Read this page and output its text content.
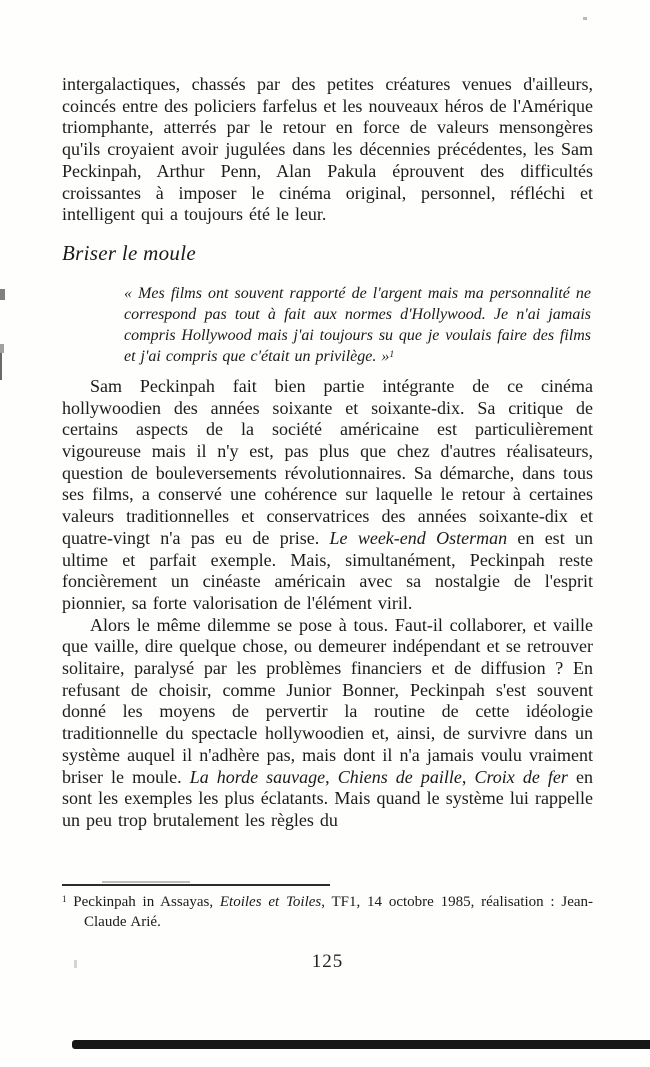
intergalactiques, chassés par des petites créatures venues d'ailleurs, coincés entre des policiers farfelus et les nouveaux héros de l'Amérique triomphante, atterrés par le retour en force de valeurs mensongères qu'ils croyaient avoir jugulées dans les décennies précédentes, les Sam Peckinpah, Arthur Penn, Alan Pakula éprouvent des difficultés croissantes à imposer le cinéma original, personnel, réfléchi et intelligent qui a toujours été le leur.

Briser le moule

« Mes films ont souvent rapporté de l'argent mais ma personnalité ne correspond pas tout à fait aux normes d'Hollywood. Je n'ai jamais compris Hollywood mais j'ai toujours su que je voulais faire des films et j'ai compris que c'était un privilège. »$^1$

Sam Peckinpah fait bien partie intégrante de ce cinéma hollywoodien des années soixante et soixante-dix. Sa critique de certains aspects de la société américaine est particulièrement vigoureuse mais il n'y est, pas plus que chez d'autres réalisateurs, question de bouleversements révolutionnaires. Sa démarche, dans tous ses films, a conservé une cohérence sur laquelle le retour à certaines valeurs traditionnelles et conservatrices des années soixante-dix et quatre-vingt n'a pas eu de prise. Le week-end Osterman en est un ultime et parfait exemple. Mais, simultanément, Peckinpah reste foncièrement un cinéaste américain avec sa nostalgie de l'esprit pionnier, sa forte valorisation de l'élément viril.

Alors le même dilemme se pose à tous. Faut-il collaborer, et vaille que vaille, dire quelque chose, ou demeurer indépendant et se retrouver solitaire, paralysé par les problèmes financiers et de diffusion ? En refusant de choisir, comme Junior Bonner, Peckinpah s'est souvent donné les moyens de pervertir la routine de cette idéologie traditionnelle du spectacle hollywoodien et, ainsi, de survivre dans un système auquel il n'adhère pas, mais dont il n'a jamais voulu vraiment briser le moule. La horde sauvage, Chiens de paille, Croix de fer en sont les exemples les plus éclatants. Mais quand le système lui rappelle un peu trop brutalement les règles du

$^1$ Peckinpah in Assayas, Etoiles et Toiles, TF1, 14 octobre 1985, réalisation : Jean-Claude Arié.

125
